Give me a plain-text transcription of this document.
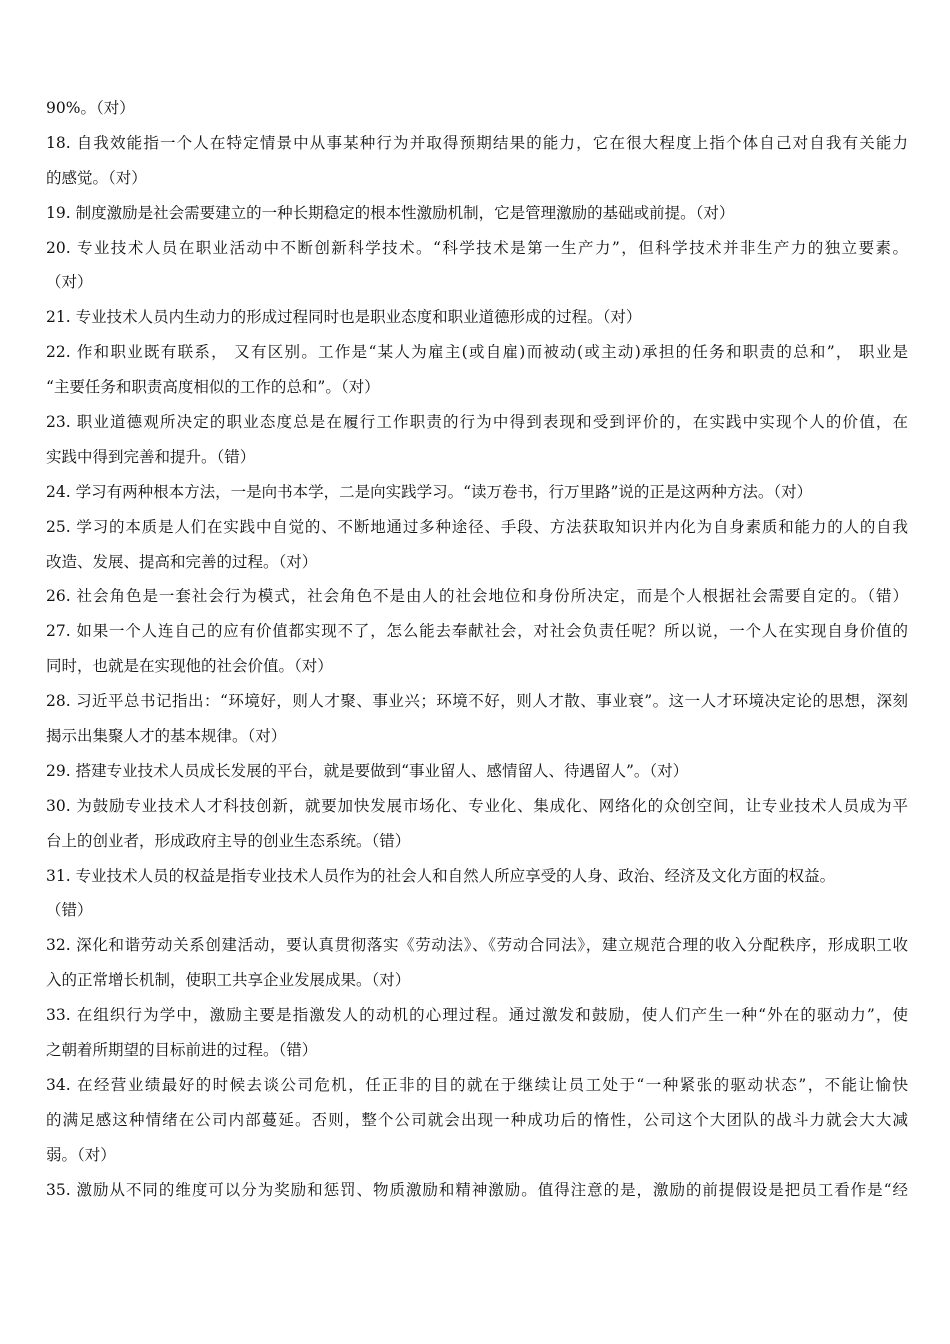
90%。（对）
18. 自我效能指一个人在特定情景中从事某种行为并取得预期结果的能力，它在很大程度上指个体自己对自我有关能力
的感觉。（对）
19. 制度激励是社会需要建立的一种长期稳定的根本性激励机制，它是管理激励的基础或前提。（对）
20. 专业技术人员在职业活动中不断创新科学技术。“科学技术是第一生产力”，但科学技术并非生产力的独立要素。
（对）
21. 专业技术人员内生动力的形成过程同时也是职业态度和职业道德形成的过程。（对）
22. 作和职业既有联系， 又有区别。工作是“某人为雇主(或自雇)而被动(或主动)承担的任务和职责的总和”， 职业是
“主要任务和职责高度相似的工作的总和”。（对）
23. 职业道德观所决定的职业态度总是在履行工作职责的行为中得到表现和受到评价的，在实践中实现个人的价值，在
实践中得到完善和提升。（错）
24. 学习有两种根本方法，一是向书本学，二是向实践学习。“读万卷书，行万里路”说的正是这两种方法。（对）
25. 学习的本质是人们在实践中自觉的、不断地通过多种途径、手段、方法获取知识并内化为自身素质和能力的人的自我
改造、发展、提高和完善的过程。（对）
26. 社会角色是一套社会行为模式，社会角色不是由人的社会地位和身份所决定，而是个人根据社会需要自定的。（错）
27. 如果一个人连自己的应有价值都实现不了，怎么能去奉献社会，对社会负责任呢？所以说，一个人在实现自身价值的
同时，也就是在实现他的社会价值。（对）
28. 习近平总书记指出：“环境好，则人才聚、事业兴；环境不好，则人才散、事业衰”。这一人才环境决定论的思想，深刻
揭示出集聚人才的基本规律。（对）
29. 搭建专业技术人员成长发展的平台，就是要做到“事业留人、感情留人、待遇留人”。（对）
30. 为鼓励专业技术人才科技创新，就要加快发展市场化、专业化、集成化、网络化的众创空间，让专业技术人员成为平
台上的创业者，形成政府主导的创业生态系统。（错）
31. 专业技术人员的权益是指专业技术人员作为的社会人和自然人所应享受的人身、政治、经济及文化方面的权益。
（错）
32. 深化和谐劳动关系创建活动，要认真贯彻落实《劳动法》、《劳动合同法》，建立规范合理的收入分配秩序，形成职工收
入的正常增长机制，使职工共享企业发展成果。（对）
33. 在组织行为学中，激励主要是指激发人的动机的心理过程。通过激发和鼓励，使人们产生一种“外在的驱动力”，使
之朝着所期望的目标前进的过程。（错）
34. 在经营业绩最好的时候去谈公司危机，任正非的目的就在于继续让员工处于“一种紧张的驱动状态”，不能让愉快
的满足感这种情绪在公司内部蔓延。否则，整个公司就会出现一种成功后的惰性，公司这个大团队的战斗力就会大大减
弱。（对）
35. 激励从不同的维度可以分为奖励和惩罚、物质激励和精神激励。值得注意的是，激励的前提假设是把员工看作是“经
